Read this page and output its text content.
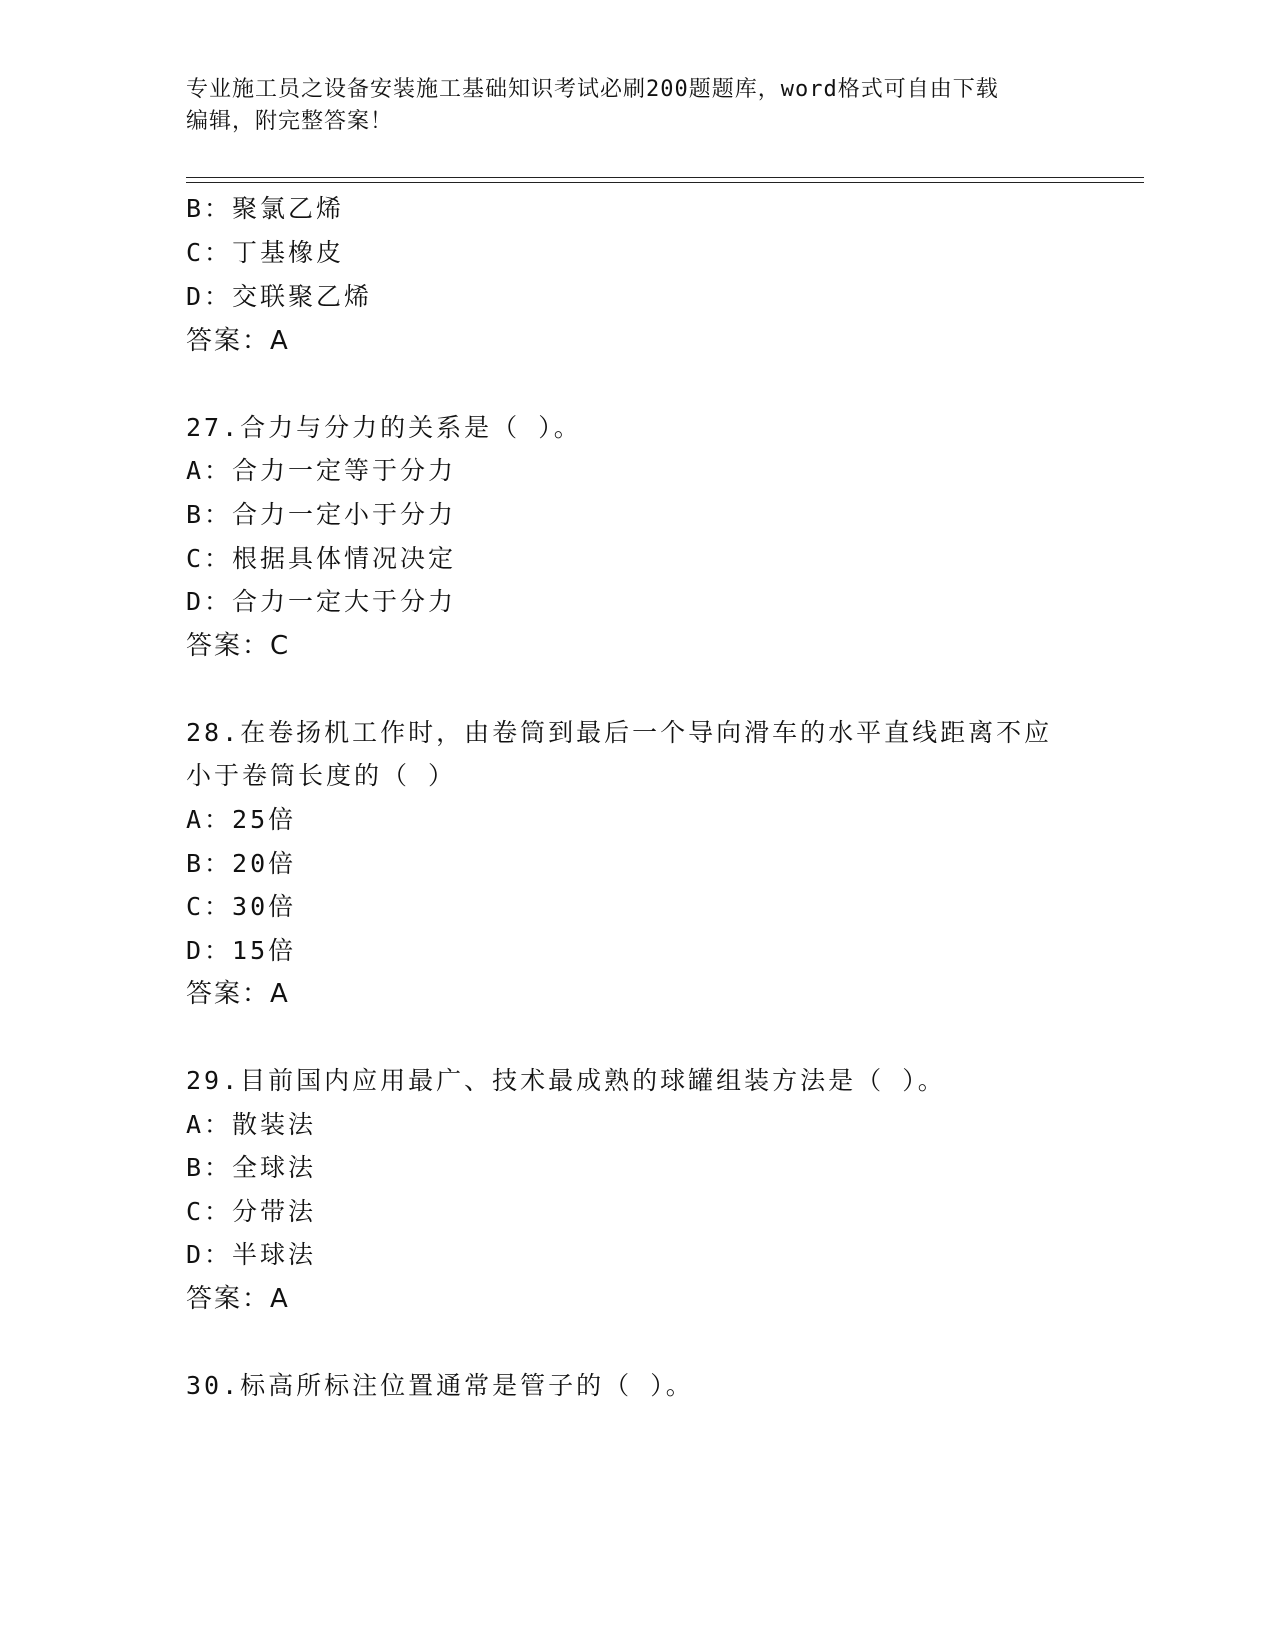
专业施工员之设备安装施工基础知识考试必刷200题题库，word格式可自由下载
编辑，附完整答案！
B：聚氯乙烯
C：丁基橡皮
D：交联聚乙烯
答案：A
27.合力与分力的关系是（ ）。
A：合力一定等于分力
B：合力一定小于分力
C：根据具体情况决定
D：合力一定大于分力
答案：C
28.在卷扬机工作时，由卷筒到最后一个导向滑车的水平直线距离不应
小于卷筒长度的（ ）
A：25倍
B：20倍
C：30倍
D：15倍
答案：A
29.目前国内应用最广、技术最成熟的球罐组装方法是（ ）。
A：散装法
B：全球法
C：分带法
D：半球法
答案：A
30.标高所标注位置通常是管子的（ ）。
